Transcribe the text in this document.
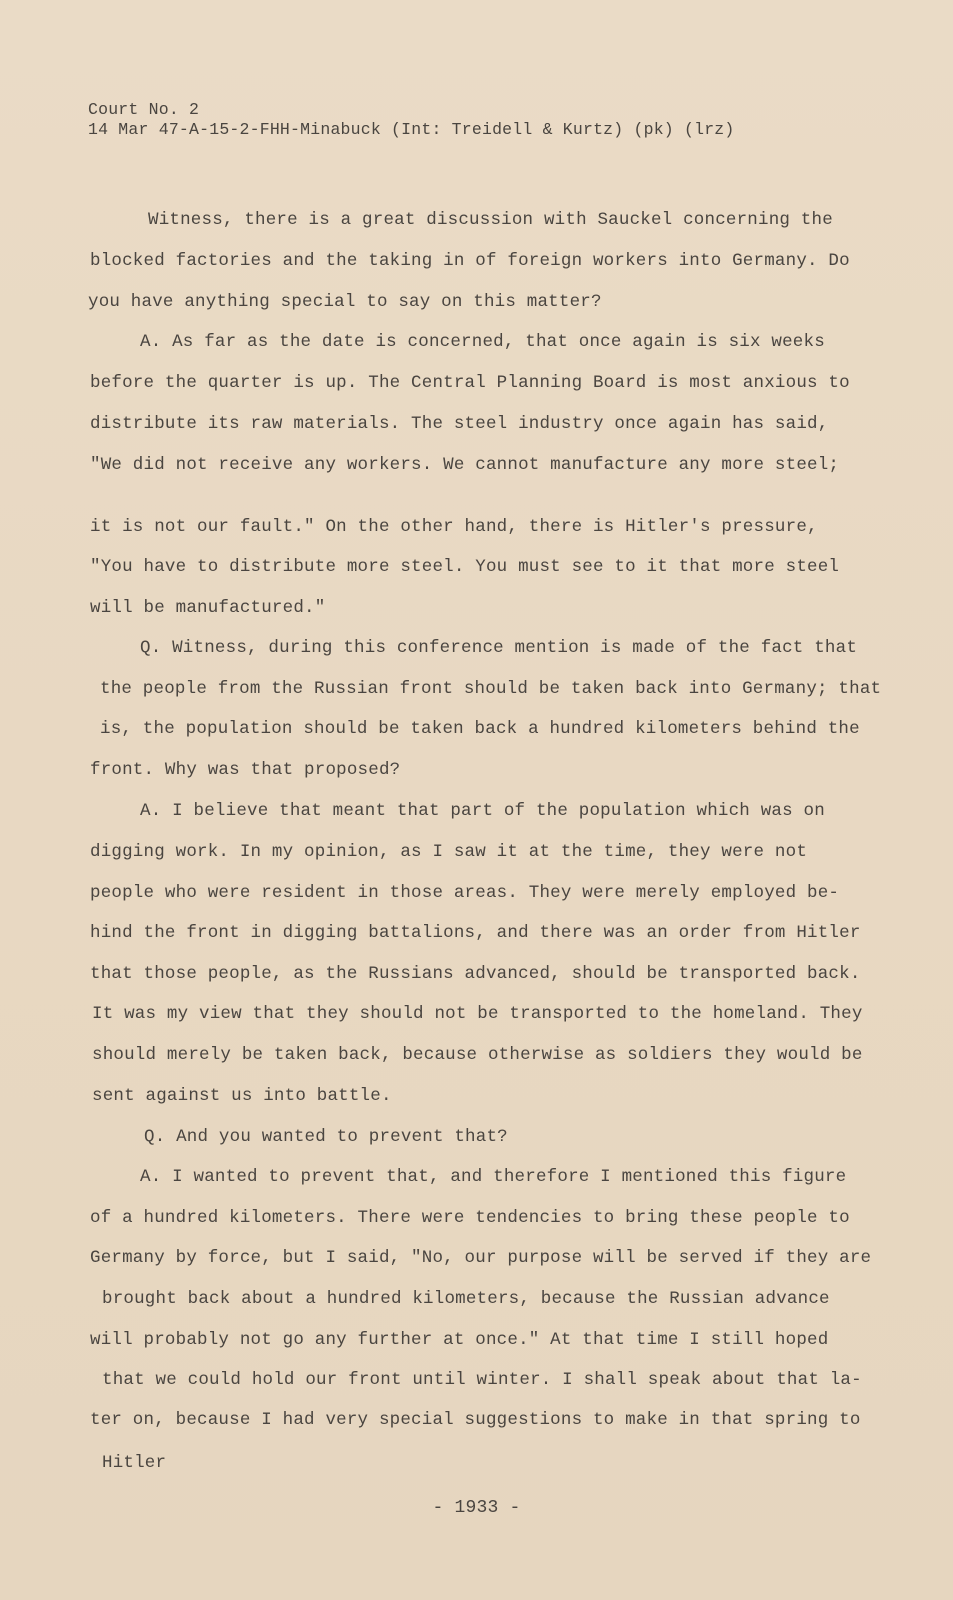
Court No. 2
14 Mar 47-A-15-2-FHH-Minabuck (Int: Treidell & Kurtz) (pk) (lrz)
Witness, there is a great discussion with Sauckel concerning the
blocked factories and the taking in of foreign workers into Germany. Do
you have anything special to say on this matter?
A. As far as the date is concerned, that once again is six weeks
before the quarter is up. The Central Planning Board is most anxious to
distribute its raw materials. The steel industry once again has said,
"We did not receive any workers. We cannot manufacture any more steel;
it is not our fault." On the other hand, there is Hitler's pressure,
"You have to distribute more steel. You must see to it that more steel
will be manufactured."
Q. Witness, during this conference mention is made of the fact that
the people from the Russian front should be taken back into Germany; that
is, the population should be taken back a hundred kilometers behind the
front. Why was that proposed?
A. I believe that meant that part of the population which was on
digging work. In my opinion, as I saw it at the time, they were not
people who were resident in those areas. They were merely employed be-
hind the front in digging battalions, and there was an order from Hitler
that those people, as the Russians advanced, should be transported back.
It was my view that they should not be transported to the homeland. They
should merely be taken back, because otherwise as soldiers they would be
sent against us into battle.
Q. And you wanted to prevent that?
A. I wanted to prevent that, and therefore I mentioned this figure
of a hundred kilometers. There were tendencies to bring these people to
Germany by force, but I said, "No, our purpose will be served if they are
brought back about a hundred kilometers, because the Russian advance
will probably not go any further at once." At that time I still hoped
that we could hold our front until winter. I shall speak about that la-
ter on, because I had very special suggestions to make in that spring to
Hitler
- 1933 -
